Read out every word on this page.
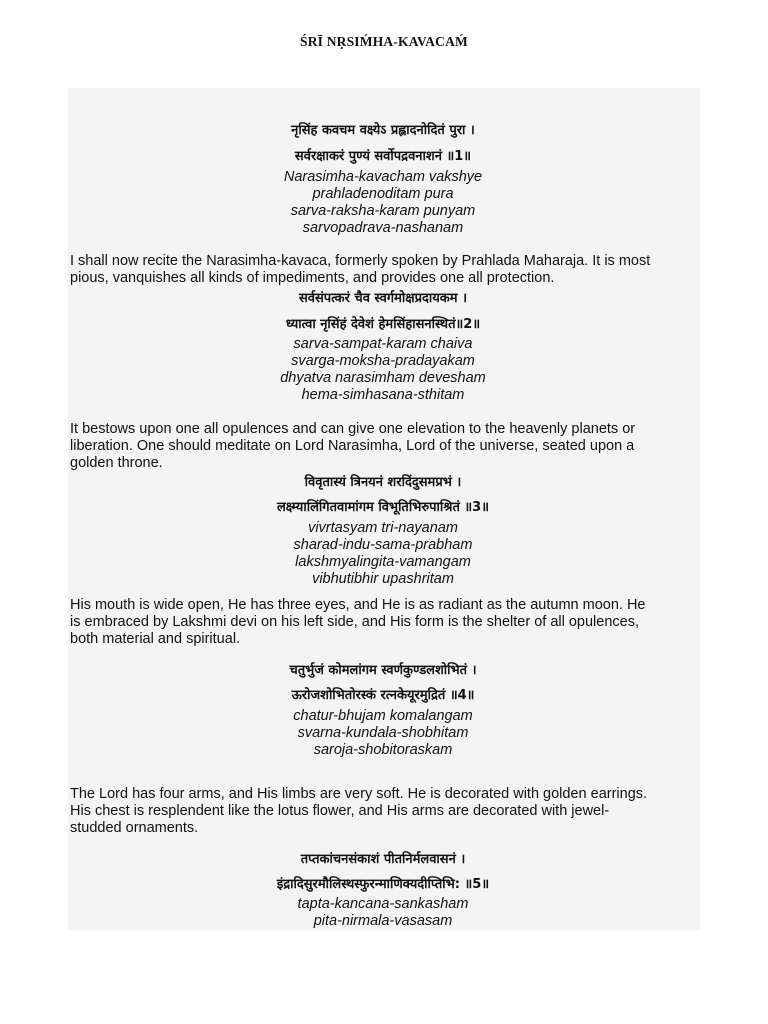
ŚRĪ NṚSIḾHA-KAVACAḾ
नृसिंह कवचम वक्ष्येऽ प्रह्लादनोदितं पुरा ।
सर्वरक्षाकरं पुण्यं सर्वोपद्रवनाशनं ॥1॥
Narasimha-kavacham vakshye
prahladenoditam pura
sarva-raksha-karam punyam
sarvopadrava-nashanam
I shall now recite the Narasimha-kavaca, formerly spoken by Prahlada Maharaja. It is most
pious, vanquishes all kinds of impediments, and provides one all protection.
सर्वसंपत्करं चैव स्वर्गमोक्षप्रदायकम ।
ध्यात्वा नृसिंहं देवेशं हेमसिंहासनस्थितं॥2॥
sarva-sampat-karam chaiva
svarga-moksha-pradayakam
dhyatva narasimham devesham
hema-simhasana-sthitam
It bestows upon one all opulences and can give one elevation to the heavenly planets or
liberation. One should meditate on Lord Narasimha, Lord of the universe, seated upon a
golden throne.
विवृतास्यं त्रिनयनं शरदिंदुसमप्रभं ।
लक्ष्म्यालिंगितवामांगम विभूतिभिरुपाश्रितं ॥3॥
vivrtasyam tri-nayanam
sharad-indu-sama-prabham
lakshmyalingita-vamangam
vibhutibhir upashritam
His mouth is wide open, He has three eyes, and He is as radiant as the autumn moon. He
is embraced by Lakshmi devi on his left side, and His form is the shelter of all opulences,
both material and spiritual.
चतुर्भुजं कोमलांगम स्वर्णकुण्डलशोभितं ।
ऊरोजशोभितोरस्कं रत्नकेयूरमुद्रितं ॥4॥
chatur-bhujam komalangam
svarna-kundala-shobhitam
saroja-shobitoraskam
The Lord has four arms, and His limbs are very soft. He is decorated with golden earrings.
His chest is resplendent like the lotus flower, and His arms are decorated with jewel-
studded ornaments.
तप्तकांचनसंकाशं पीतनिर्मलवासनं ।
इंद्रादिसुरमौलिस्थस्फुरन्माणिक्यदीप्तिभि: ॥5॥
tapta-kancana-sankasham
pita-nirmala-vasasam
